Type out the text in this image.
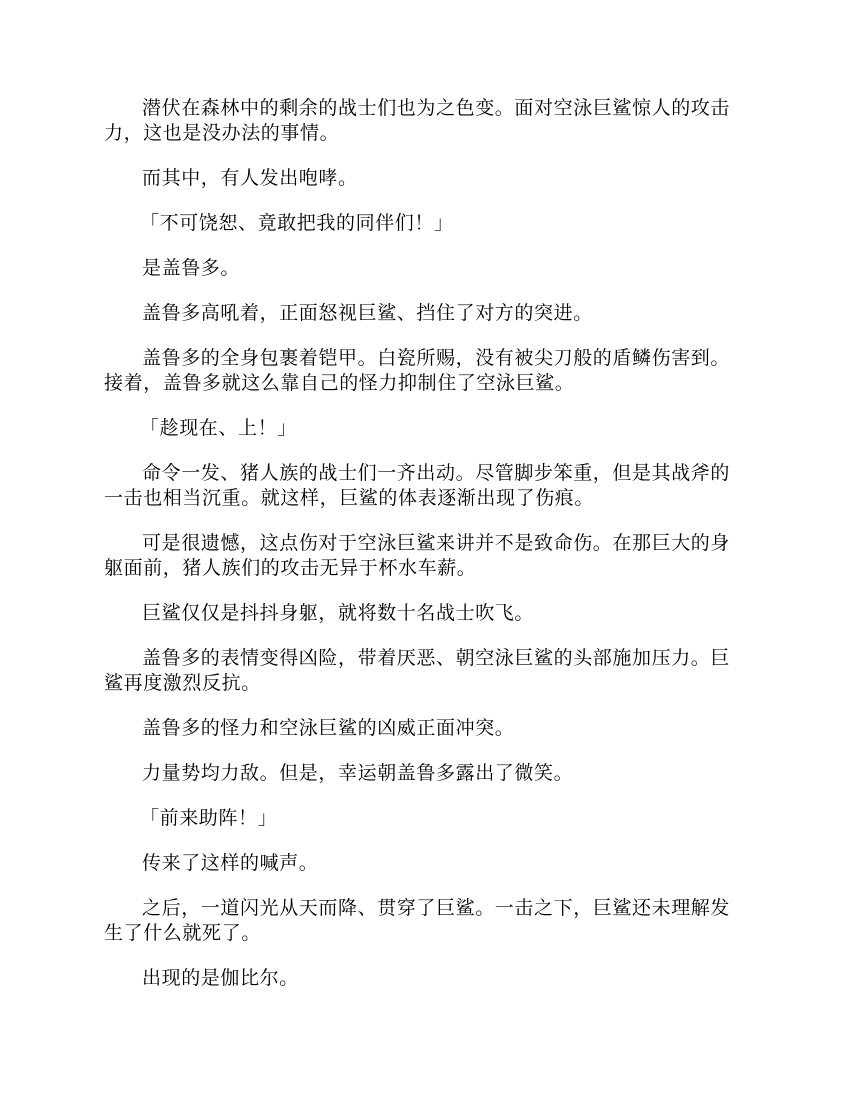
潜伏在森林中的剩余的战士们也为之色变。面对空泳巨鲨惊人的攻击力，这也是没办法的事情。

而其中，有人发出咆哮。

「不可饶恕、竟敢把我的同伴们！」

是盖鲁多。

盖鲁多高吼着，正面怒视巨鲨、挡住了对方的突进。

盖鲁多的全身包裹着铠甲。白瓷所赐，没有被尖刀般的盾鳞伤害到。接着，盖鲁多就这么靠自己的怪力抑制住了空泳巨鲨。

「趁现在、上！」

命令一发、猪人族的战士们一齐出动。尽管脚步笨重，但是其战斧的一击也相当沉重。就这样，巨鲨的体表逐渐出现了伤痕。

可是很遗憾，这点伤对于空泳巨鲨来讲并不是致命伤。在那巨大的身躯面前，猪人族们的攻击无异于杯水车薪。

巨鲨仅仅是抖抖身躯，就将数十名战士吹飞。

盖鲁多的表情变得凶险，带着厌恶、朝空泳巨鲨的头部施加压力。巨鲨再度激烈反抗。

盖鲁多的怪力和空泳巨鲨的凶威正面冲突。

力量势均力敌。但是，幸运朝盖鲁多露出了微笑。

「前来助阵！」

传来了这样的喊声。

之后，一道闪光从天而降、贯穿了巨鲨。一击之下，巨鲨还未理解发生了什么就死了。

出现的是伽比尔。
